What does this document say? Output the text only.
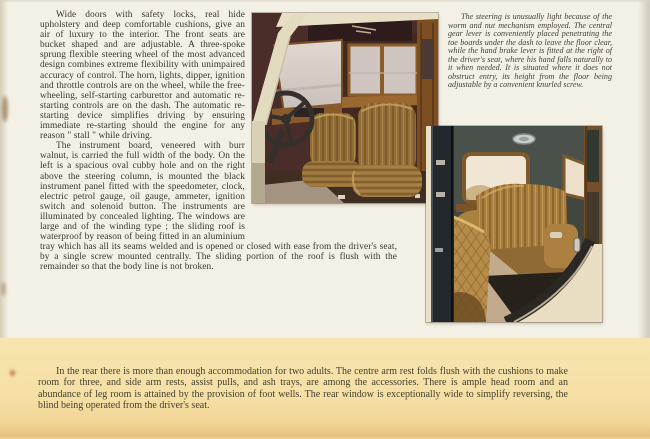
Wide doors with safety locks, real hide upholstery and deep comfortable cushions, give an air of luxury to the interior. The front seats are bucket shaped and are adjustable. A three-spoke sprung flexible steering wheel of the most advanced design combines extreme flexibility with unimpaired accuracy of control. The horn, lights, dipper, ignition and throttle controls are on the wheel, while the free-wheeling, self-starting carburettor and automatic re-starting controls are on the dash. The automatic re-starting device simplifies driving by ensuring immediate re-starting should the engine for any reason " stall " while driving.

The instrument board, veneered with burr walnut, is carried the full width of the body. On the left is a spacious oval cubby hole and on the right above the steering column, is mounted the black instrument panel fitted with the speedometer, clock, electric petrol gauge, oil gauge, ammeter, ignition switch and solenoid button. The instruments are illuminated by concealed lighting. The windows are large and of the winding type ; the sliding roof is waterproof by reason of being fitted in an aluminium tray which has all its seams welded and is opened or closed with ease from the driver's seat, by a single screw mounted centrally. The sliding portion of the roof is flush with the remainder so that the body line is not broken.

The steering is unusually light because of the worm and nut mechanism employed. The central gear lever is conveniently placed penetrating the toe boards under the dash to leave the floor clear, while the hand brake lever is fitted at the right of the driver's seat, where his hand falls naturally to it when needed. It is situated where it does not obstruct entry, its height from the floor being adjustable by a convenient knurled screw.

In the rear there is more than enough accommodation for two adults. The centre arm rest folds flush with the cushions to make room for three, and side arm rests, assist pulls, and ash trays, are among the accessories. There is ample head room and an abundance of leg room is attained by the provision of foot wells. The rear window is exceptionally wide to simplify reversing, the blind being operated from the driver's seat.
